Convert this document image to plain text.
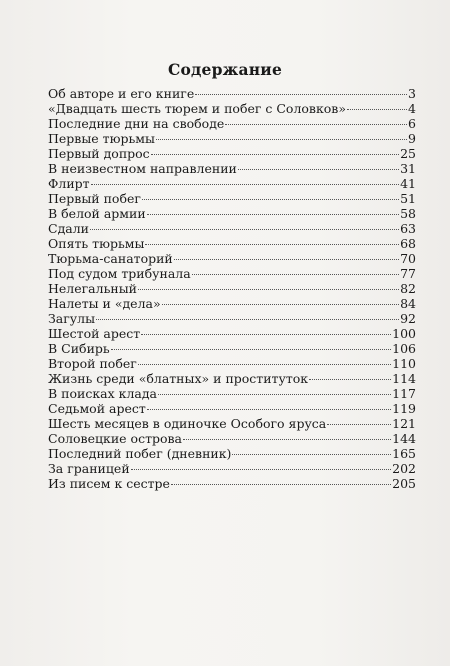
Содержание
Об авторе и его книге	3
«Двадцать шесть тюрем и побег с Соловков»	4
Последние дни на свободе	6
Первые тюрьмы	9
Первый допрос	25
В неизвестном направлении	31
Флирт	41
Первый побег	51
В белой армии	58
Сдали	63
Опять тюрьмы	68
Тюрьма-санаторий	70
Под судом трибунала	77
Нелегальный	82
Налеты и «дела»	84
Загулы	92
Шестой арест	100
В Сибирь	106
Второй побег	110
Жизнь среди «блатных» и проституток	114
В поисках клада	117
Седьмой арест	119
Шесть месяцев в одиночке Особого яруса	121
Соловецкие острова	144
Последний побег (дневник)	165
За границей	202
Из писем к сестре	205
